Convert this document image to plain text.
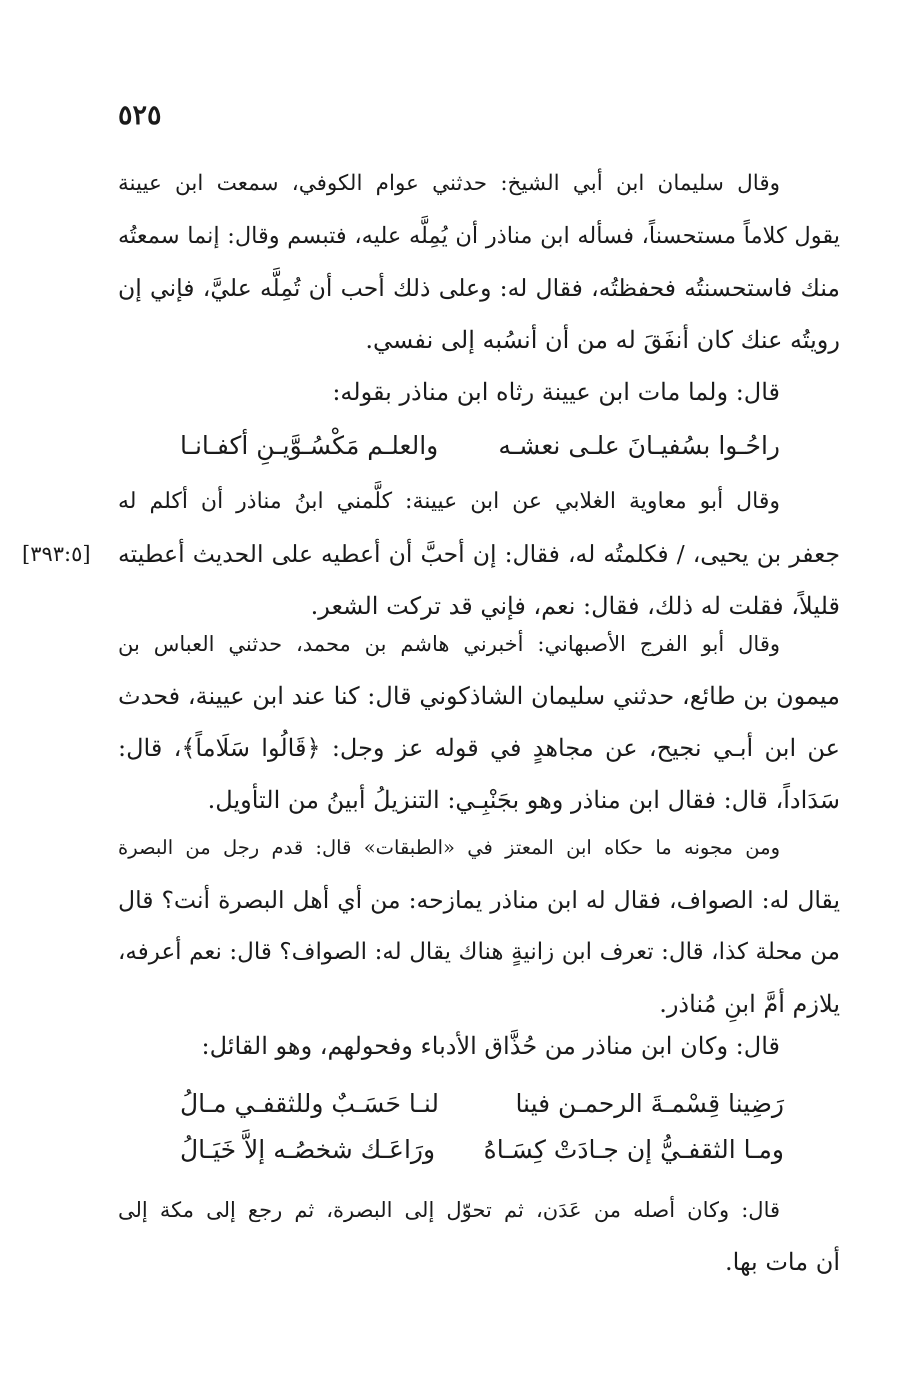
٥٢٥
وقال سليمان ابن أبي الشيخ: حدثني عوام الكوفي، سمعت ابن عيينة
يقول كلاماً مستحسناً، فسأله ابن مناذر أن يُمِلَّه عليه، فتبسم وقال: إنما سمعتُه
منك فاستحسنتُه فحفظتُه، فقال له: وعلى ذلك أحب أن تُمِلَّه عليَّ، فإني إن
رويتُه عنك كان أنفَقَ له من أن أنسُبه إلى نفسي.
قال: ولما مات ابن عيينة رثاه ابن مناذر بقوله:
راحُـوا بسُفيـانَ علـى نعشـه
والعلـم مَكْسُـوَّيـنِ أكفـانـا
وقال أبو معاوية الغلابي عن ابن عيينة: كلَّمني ابنُ مناذر أن أكلم له
جعفر بن يحيى، / فكلمتُه له، فقال: إن أحبَّ أن أعطيه على الحديث أعطيته
قليلاً، فقلت له ذلك، فقال: نعم، فإني قد تركت الشعر.
[٣٩٣:٥]
وقال أبو الفرج الأصبهاني: أخبرني هاشم بن محمد، حدثني العباس بن
ميمون بن طائع، حدثني سليمان الشاذكوني قال: كنا عند ابن عيينة، فحدث
عن ابن أبـي نجيح، عن مجاهدٍ في قوله عز وجل: ﴿قَالُوا سَلَاماً﴾، قال:
سَدَاداً، قال: فقال ابن مناذر وهو بجَنْبِـي: التنزيلُ أبينُ من التأويل.
ومن مجونه ما حكاه ابن المعتز في «الطبقات» قال: قدم رجل من البصرة
يقال له: الصواف، فقال له ابن مناذر يمازحه: من أي أهل البصرة أنت؟ قال
من محلة كذا، قال: تعرف ابن زانيةٍ هناك يقال له: الصواف؟ قال: نعم أعرفه،
يلازم أمَّ ابنِ مُناذر.
قال: وكان ابن مناذر من حُذَّاق الأدباء وفحولهم، وهو القائل:
رَضِينا قِسْمـةَ الرحمـن فينا
لنـا حَسَـبٌ وللثقفـي مـالُ
ومـا الثقفـيُّ إن جـادَتْ كِسَـاهُ
ورَاعَـك شخصُـه إلاَّ خَيَـالُ
قال: وكان أصله من عَدَن، ثم تحوّل إلى البصرة، ثم رجع إلى مكة إلى
أن مات بها.
